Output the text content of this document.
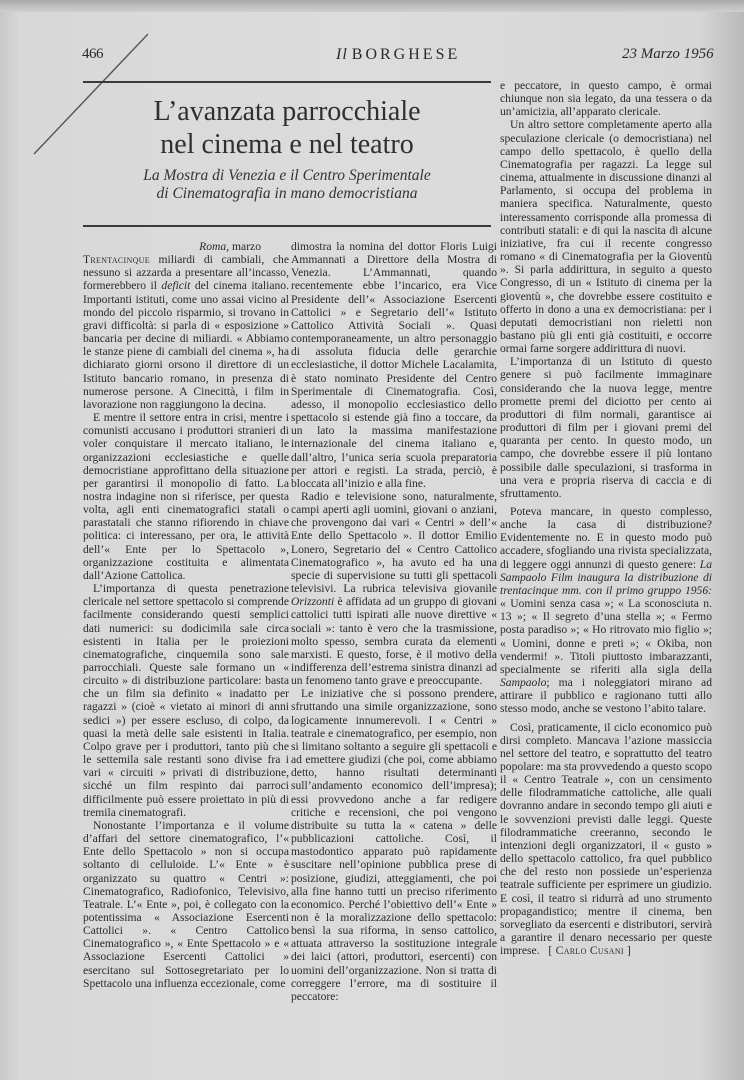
466	Il BORGHESE	23 Marzo 1956
L’avanzata parrocchiale
nel cinema e nel teatro
La Mostra di Venezia e il Centro Sperimentale
di Cinematografia in mano democristiana

Roma, marzo

Trentacinque miliardi di cambiali, che nessuno si azzarda a presentare all’incasso, formerebbero il deficit del cinema italiano. Importanti istituti, come uno assai vicino al mondo del piccolo risparmio, si trovano in gravi difficoltà: si parla di « esposizione » bancaria per decine di miliardi. « Abbiamo le stanze piene di cambiali del cinema », ha dichiarato giorni orsono il direttore di un Istituto bancario romano, in presenza di numerose persone. A Cinecittà, i film in lavorazione non raggiungono la decina.

E mentre il settore entra in crisi, mentre i comunisti accusano i produttori stranieri di voler conquistare il mercato italiano, le organizzazioni ecclesiastiche e quelle democristiane approfittano della situazione per garantirsi il monopolio di fatto. La nostra indagine non si riferisce, per questa volta, agli enti cinematografici statali o parastatali che stanno rifiorendo in chiave politica: ci interessano, per ora, le attività dell’« Ente per lo Spettacolo », organizzazione costituita e alimentata dall’Azione Cattolica.

L’importanza di questa penetrazione clericale nel settore spettacolo si comprende facilmente considerando questi semplici dati numerici: su dodicimila sale circa esistenti in Italia per le proiezioni cinematografiche, cinquemila sono sale parrocchiali. Queste sale formano un « circuito » di distribuzione particolare: basta che un film sia definito « inadatto per ragazzi » (cioè « vietato ai minori di anni sedici ») per essere escluso, di colpo, da quasi la metà delle sale esistenti in Italia. Colpo grave per i produttori, tanto più che le settemila sale restanti sono divise fra i vari « circuiti » privati di distribuzione, sicché un film respinto dai parroci difficilmente può essere proiettato in più di tremila cinematografi.

Nonostante l’importanza e il volume d’affari del settore cinematografico, l’« Ente dello Spettacolo » non si occupa soltanto di celluloide. L’« Ente » è organizzato su quattro « Centri »: Cinematografico, Radiofonico, Televisivo, Teatrale. L’« Ente », poi, è collegato con la potentissima « Associazione Esercenti Cattolici ». « Centro Cattolico Cinematografico », « Ente Spettacolo » e « Associazione Esercenti Cattolici » esercitano sul Sottosegretariato per lo Spettacolo una influenza eccezionale, come

dimostra la nomina del dottor Floris Luigi Ammannati a Direttore della Mostra di Venezia. L’Ammannati, quando recentemente ebbe l’incarico, era Vice Presidente dell’« Associazione Esercenti Cattolici » e Segretario dell’« Istituto Cattolico Attività Sociali ». Quasi contemporaneamente, un altro personaggio di assoluta fiducia delle gerarchie ecclesiastiche, il dottor Michele Lacalamita, è stato nominato Presidente del Centro Sperimentale di Cinematografia. Così, adesso, il monopolio ecclesiastico dello spettacolo si estende già fino a toccare, da un lato la massima manifestazione internazionale del cinema italiano e, dall’altro, l’unica seria scuola preparatoria per attori e registi. La strada, perciò, è bloccata all’inizio e alla fine.

Radio e televisione sono, naturalmente, campi aperti agli uomini, giovani o anziani, che provengono dai vari « Centri » dell’« Ente dello Spettacolo ». Il dottor Emilio Lonero, Segretario del « Centro Cattolico Cinematografico », ha avuto ed ha una specie di supervisione su tutti gli spettacoli televisivi. La rubrica televisiva giovanile Orizzonti è affidata ad un gruppo di giovani cattolici tutti ispirati alle nuove direttive « sociali »: tanto è vero che la trasmissione, molto spesso, sembra curata da elementi marxisti. E questo, forse, è il motivo della indifferenza dell’estrema sinistra dinanzi ad un fenomeno tanto grave e preoccupante.

Le iniziative che si possono prendere, sfruttando una simile organizzazione, sono logicamente innumerevoli. I « Centri » teatrale e cinematografico, per esempio, non si limitano soltanto a seguire gli spettacoli e ad emettere giudizi (che poi, come abbiamo detto, hanno risultati determinanti sull’andamento economico dell’impresa); essi provvedono anche a far redigere critiche e recensioni, che poi vengono distribuite su tutta la « catena » delle pubblicazioni cattoliche. Così, il mastodontico apparato può rapidamente suscitare nell’opinione pubblica prese di posizione, giudizi, atteggiamenti, che poi alla fine hanno tutti un preciso riferimento economico. Perché l’obiettivo dell’« Ente » non è la moralizzazione dello spettacolo: bensì la sua riforma, in senso cattolico, attuata attraverso la sostituzione integrale dei laici (attori, produttori, esercenti) con uomini dell’organizzazione. Non si tratta di correggere l’errore, ma di sostituire il peccatore:

e peccatore, in questo campo, è ormai chiunque non sia legato, da una tessera o da un’amicizia, all’apparato clericale.

Un altro settore completamente aperto alla speculazione clericale (o democristiana) nel campo dello spettacolo, è quello della Cinematografia per ragazzi. La legge sul cinema, attualmente in discussione dinanzi al Parlamento, si occupa del problema in maniera specifica. Naturalmente, questo interessamento corrisponde alla promessa di contributi statali: e di qui la nascita di alcune iniziative, fra cui il recente congresso romano « di Cinematografia per la Gioventù ». Si parla addirittura, in seguito a questo Congresso, di un « Istituto di cinema per la gioventù », che dovrebbe essere costituito e offerto in dono a una ex democristiana: per i deputati democristiani non rieletti non bastano più gli enti già costituiti, e occorre ormai farne sorgere addirittura di nuovi.

L’importanza di un Istituto di questo genere si può facilmente immaginare considerando che la nuova legge, mentre promette premi del diciotto per cento ai produttori di film normali, garantisce ai produttori di film per i giovani premi del quaranta per cento. In questo modo, un campo, che dovrebbe essere il più lontano possibile dalle speculazioni, si trasforma in una vera e propria riserva di caccia e di sfruttamento.

Poteva mancare, in questo complesso, anche la casa di distribuzione? Evidentemente no. E in questo modo può accadere, sfogliando una rivista specializzata, di leggere oggi annunzi di questo genere: La Sampaolo Film inaugura la distribuzione di trentacinque mm. con il primo gruppo 1956: « Uomini senza casa »; « La sconosciuta n. 13 »; « Il segreto d’una stella »; « Fermo posta paradiso »; « Ho ritrovato mio figlio »; « Uomini, donne e preti »; « Okiba, non vendermi! ». Titoli piuttosto imbarazzanti, specialmente se riferiti alla sigla della Sampaolo; ma i noleggiatori mirano ad attirare il pubblico e ragionano tutti allo stesso modo, anche se vestono l’abito talare.

Così, praticamente, il ciclo economico può dirsi completo. Mancava l’azione massiccia nel settore del teatro, e soprattutto del teatro popolare: ma sta provvedendo a questo scopo il « Centro Teatrale », con un censimento delle filodrammatiche cattoliche, alle quali dovranno andare in secondo tempo gli aiuti e le sovvenzioni previsti dalle leggi. Queste filodrammatiche creeranno, secondo le intenzioni degli organizzatori, il « gusto » dello spettacolo cattolico, fra quel pubblico che del resto non possiede un’esperienza teatrale sufficiente per esprimere un giudizio. E così, il teatro si ridurrà ad uno strumento propagandistico; mentre il cinema, ben sorvegliato da esercenti e distributori, servirà a garantire il denaro necessario per queste imprese. [ Carlo Cusani ]
